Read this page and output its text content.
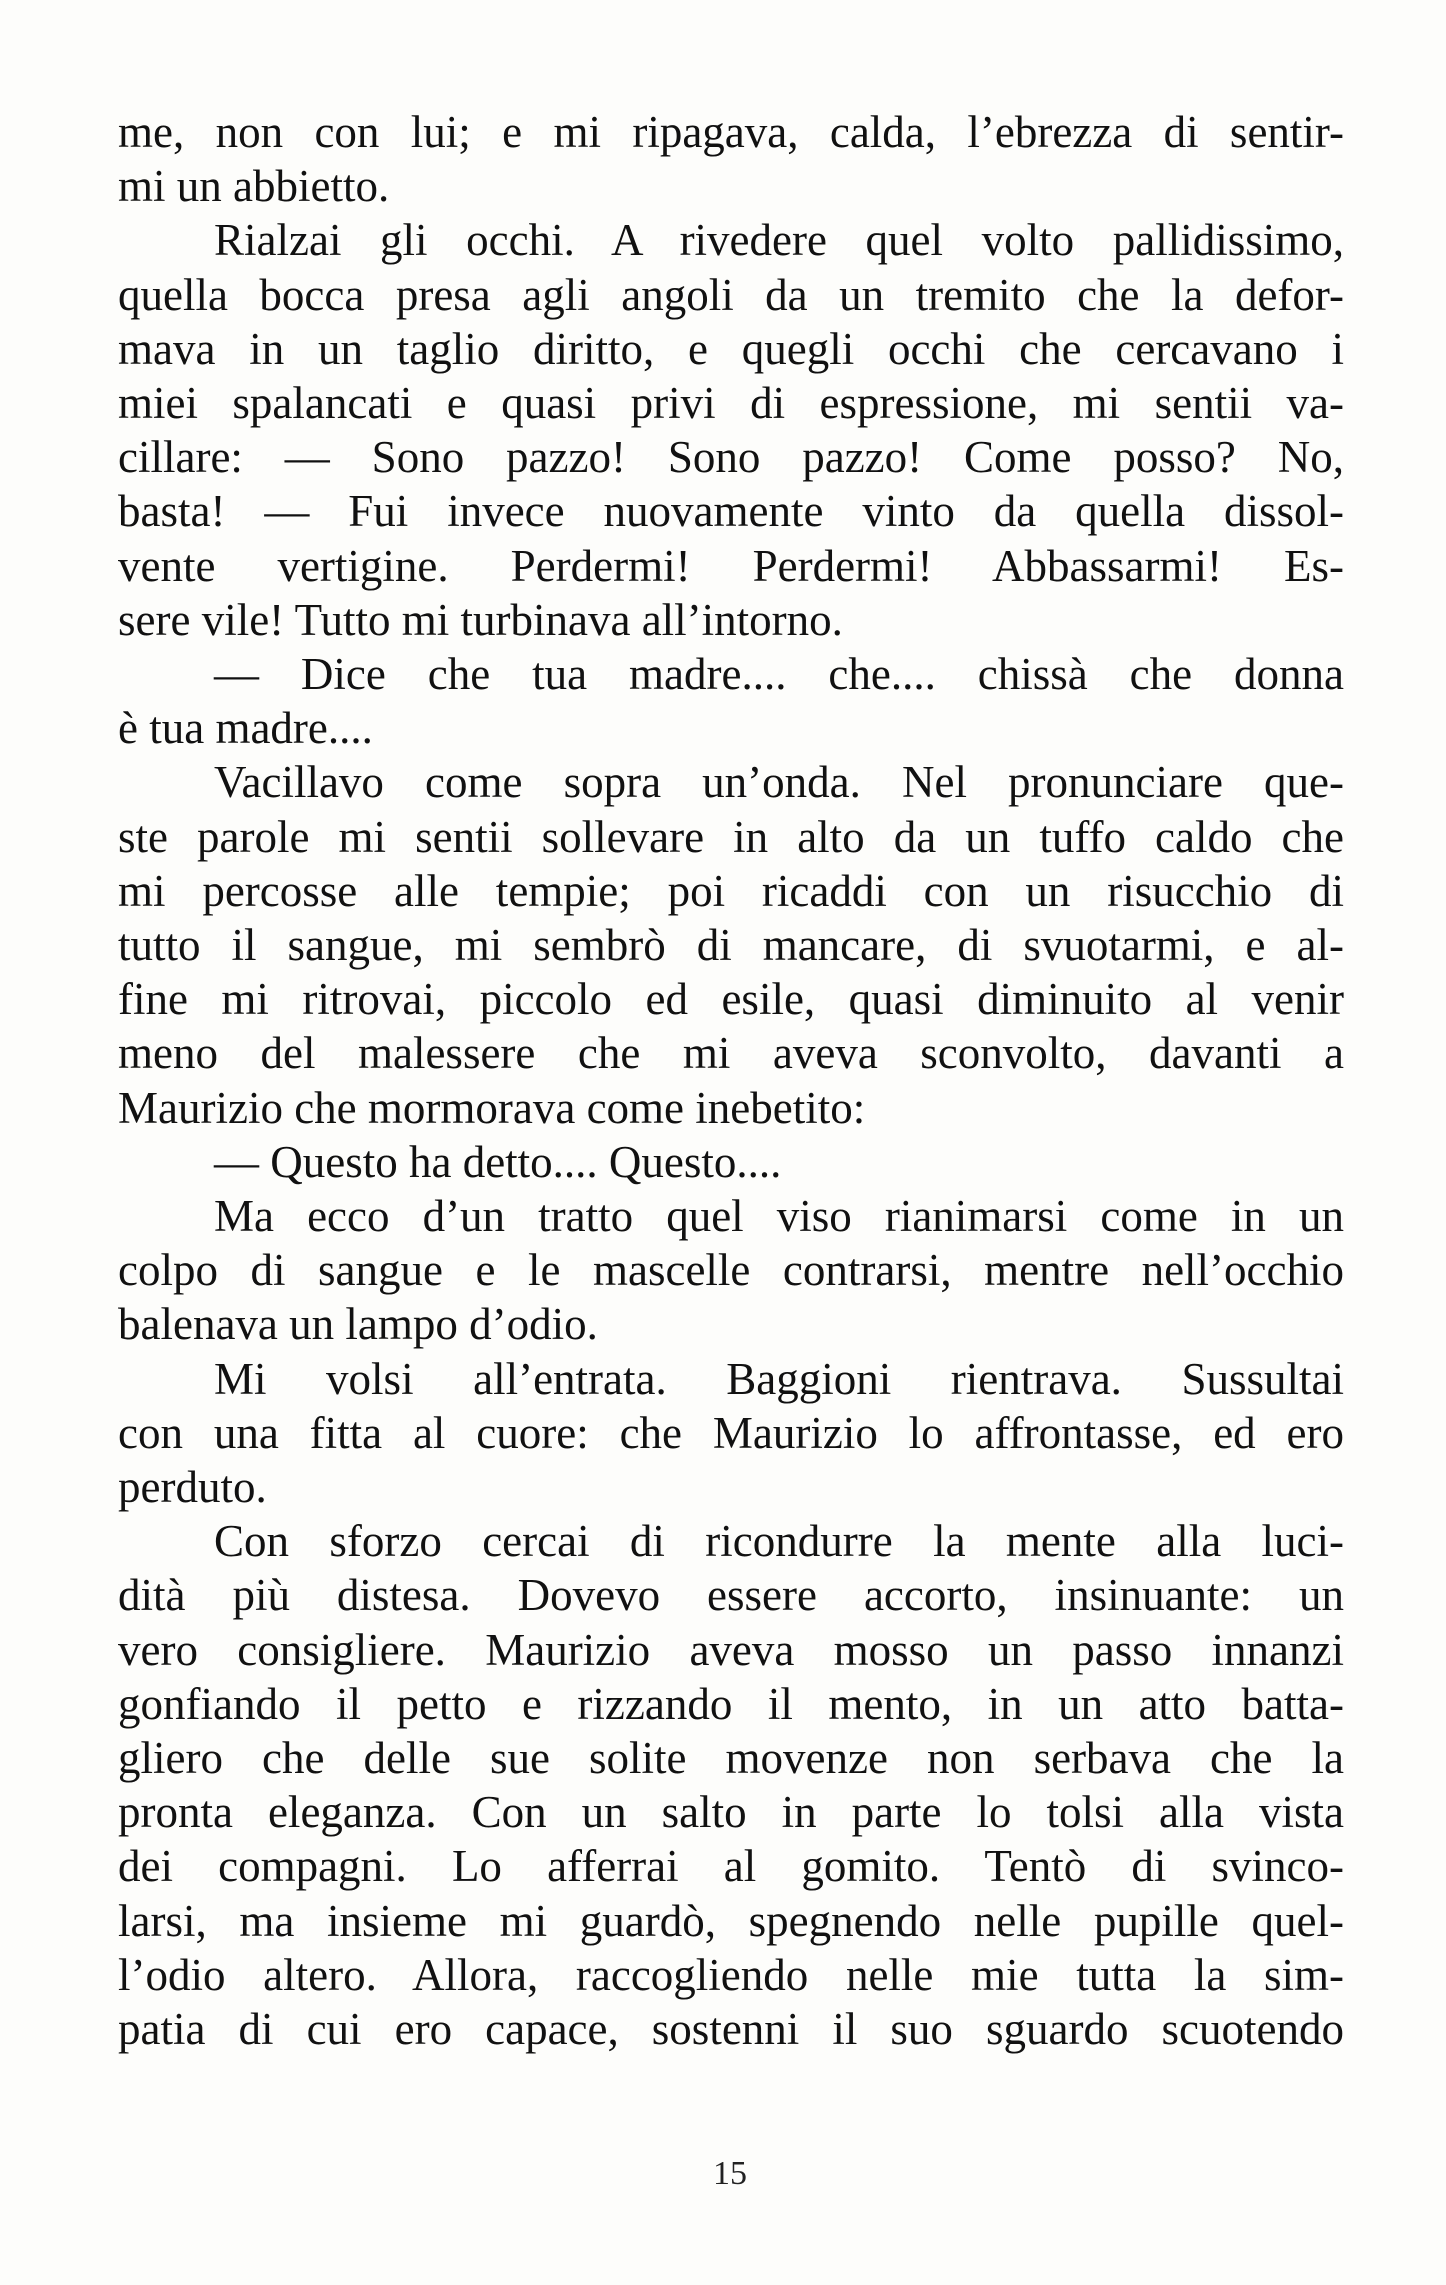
me, non con lui; e mi ripagava, calda, l’ebrezza di sentir-
mi un abbietto.
Rialzai gli occhi. A rivedere quel volto pallidissimo,
quella bocca presa agli angoli da un tremito che la defor-
mava in un taglio diritto, e quegli occhi che cercavano i
miei spalancati e quasi privi di espressione, mi sentii va-
cillare: — Sono pazzo! Sono pazzo! Come posso? No,
basta! — Fui invece nuovamente vinto da quella dissol-
vente vertigine. Perdermi! Perdermi! Abbassarmi! Es-
sere vile! Tutto mi turbinava all’intorno.
— Dice che tua madre.... che.... chissà che donna
è tua madre....
Vacillavo come sopra un’onda. Nel pronunciare que-
ste parole mi sentii sollevare in alto da un tuffo caldo che
mi percosse alle tempie; poi ricaddi con un risucchio di
tutto il sangue, mi sembrò di mancare, di svuotarmi, e al-
fine mi ritrovai, piccolo ed esile, quasi diminuito al venir
meno del malessere che mi aveva sconvolto, davanti a
Maurizio che mormorava come inebetito:
— Questo ha detto.... Questo....
Ma ecco d’un tratto quel viso rianimarsi come in un
colpo di sangue e le mascelle contrarsi, mentre nell’occhio
balenava un lampo d’odio.
Mi volsi all’entrata. Baggioni rientrava. Sussultai
con una fitta al cuore: che Maurizio lo affrontasse, ed ero
perduto.
Con sforzo cercai di ricondurre la mente alla luci-
dità più distesa. Dovevo essere accorto, insinuante: un
vero consigliere. Maurizio aveva mosso un passo innanzi
gonfiando il petto e rizzando il mento, in un atto batta-
gliero che delle sue solite movenze non serbava che la
pronta eleganza. Con un salto in parte lo tolsi alla vista
dei compagni. Lo afferrai al gomito. Tentò di svinco-
larsi, ma insieme mi guardò, spegnendo nelle pupille quel-
l’odio altero. Allora, raccogliendo nelle mie tutta la sim-
patia di cui ero capace, sostenni il suo sguardo scuotendo
15
